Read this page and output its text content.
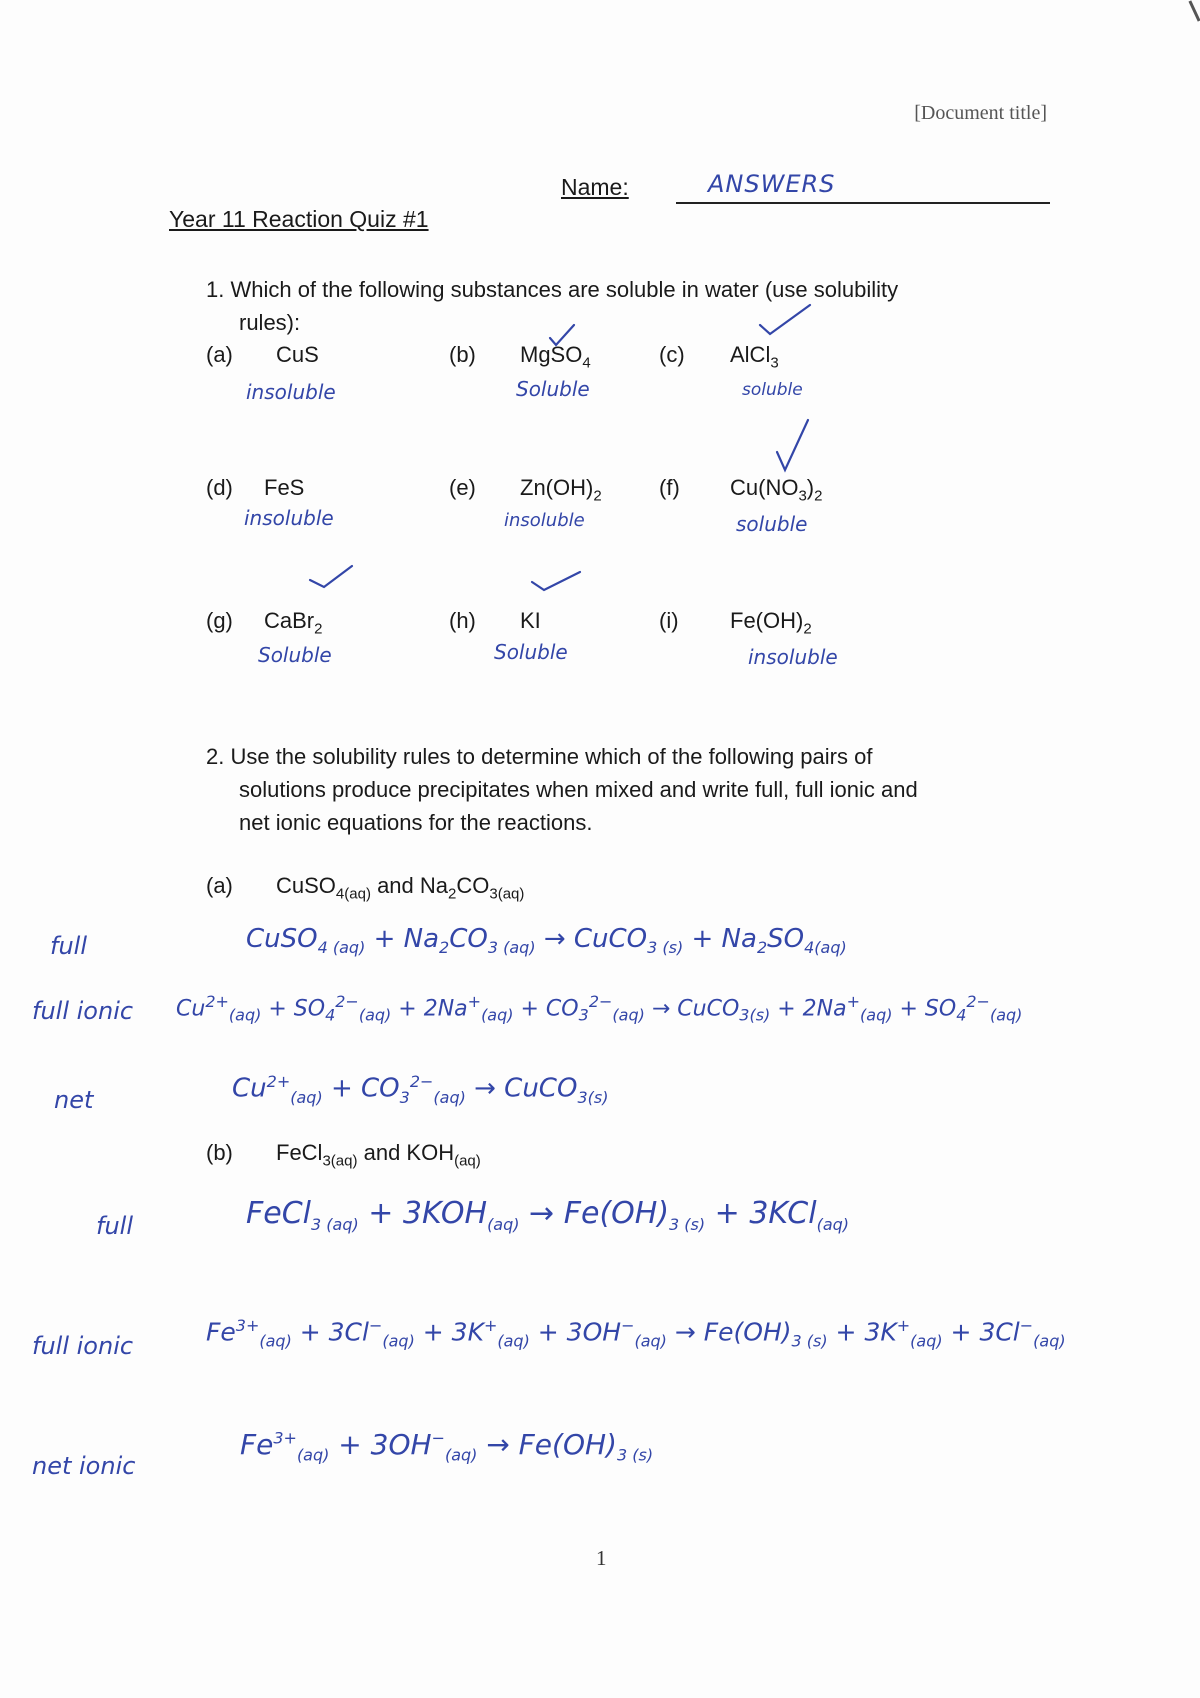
[Document title]
Name:	ANSWERS
Year 11 Reaction Quiz #1
1. Which of the following substances are soluble in water (use solubility
rules):
(a) CuS
insoluble
(b) MgSO$_4$
Soluble
(c) AlCl$_3$
soluble
(d) FeS
insoluble
(e) $Zn(OH)_2$
insoluble
(f) $Cu(NO_3)_2$
soluble
(g) CaBr$_2$
Soluble
(h) KI
Soluble
(i) $Fe(OH)_2$
insoluble
2. Use the solubility rules to determine which of the following pairs of
solutions produce precipitates when mixed and write full, full ionic and
net ionic equations for the reactions.
(a) CuSO$_{4(aq)}$ and $Na_2CO_{3(aq)}$
full	CuSO$_{4 (aq)}$ + $Na_2CO_{3 (aq)}$ → CuCO$_{3 (s)}$ + $Na_2SO_{4(aq)}$
full ionic $Cu^{2+}_{(aq)} + SO_4^{2-}_{(aq)} + 2Na^+_{(aq)} + CO_3^{2-}_{(aq)}$ → CuCO$_{3(s)}$ + $2Na^+_{(aq)} + SO_4^{2-}_{(aq)}$
net	$Cu^{2+}_{(aq)} + CO_3^{2-}_{(aq)}$ → CuCO$_{3(s)}$
(b) FeCl$_{3(aq)}$ and $KOH_{(aq)}$
full	FeCl$_{3 (aq)}$ + $3KOH_{(aq)} \to Fe(OH)_{3 (s)} + 3KCl_{(aq)}$
full ionic	$Fe^{3+}_{(aq)} + 3Cl^-_{(aq)} + 3K^+_{(aq)} + 3OH^-_{(aq)} \to Fe(OH)_{3 (s)} + 3K^+_{(aq)} + 3Cl^-_{(aq)}$
net ionic
$Fe^{3+}_{(aq)} + 3OH^-_{(aq)} \to Fe(OH)_{3 (s)}$
1
